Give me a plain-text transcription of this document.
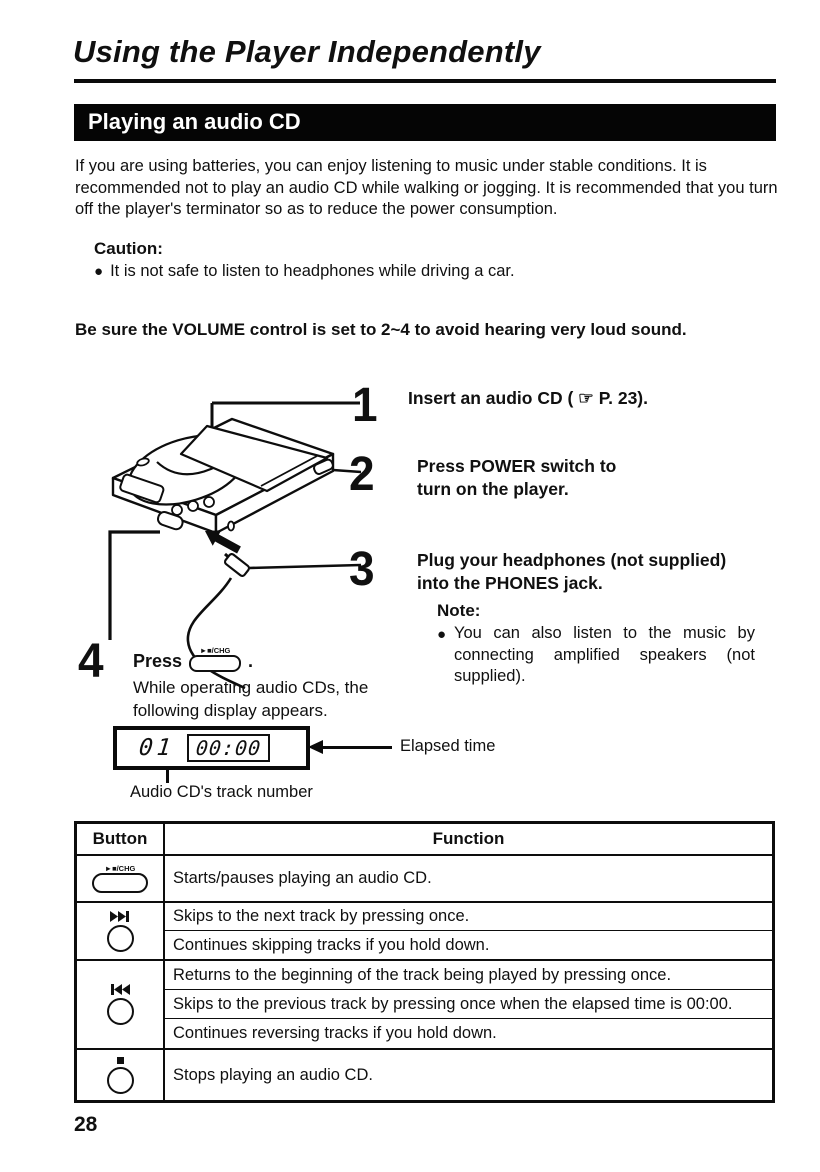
Using the Player Independently
Playing an audio CD
If you are using batteries, you can enjoy listening to music under stable conditions. It is recommended not to play an audio CD while walking or jogging. It is recommended that you turn off the player's terminator so as to reduce the power consumption.
Caution:
● It is not safe to listen to headphones while driving a car.
Be sure the VOLUME control is set to 2~4 to avoid hearing very loud sound.
1 Insert an audio CD ( ☞ P. 23).
2 Press POWER switch to
turn on the player.
3 Plug your headphones (not supplied)
into the PHONES jack.
Note:
● You can also listen to the music by connecting amplified speakers (not supplied).
4 Press
►■/CHG
.
While operating audio CDs, the
following display appears.
01 00:00	Elapsed time
Audio CD's track number
Button	Function
►■/CHG
Starts/pauses playing an audio CD.
Skips to the next track by pressing once.
Continues skipping tracks if you hold down.
Returns to the beginning of the track being played by pressing once.
Skips to the previous track by pressing once when the elapsed time is 00:00.
Continues reversing tracks if you hold down.
Stops playing an audio CD.
28
